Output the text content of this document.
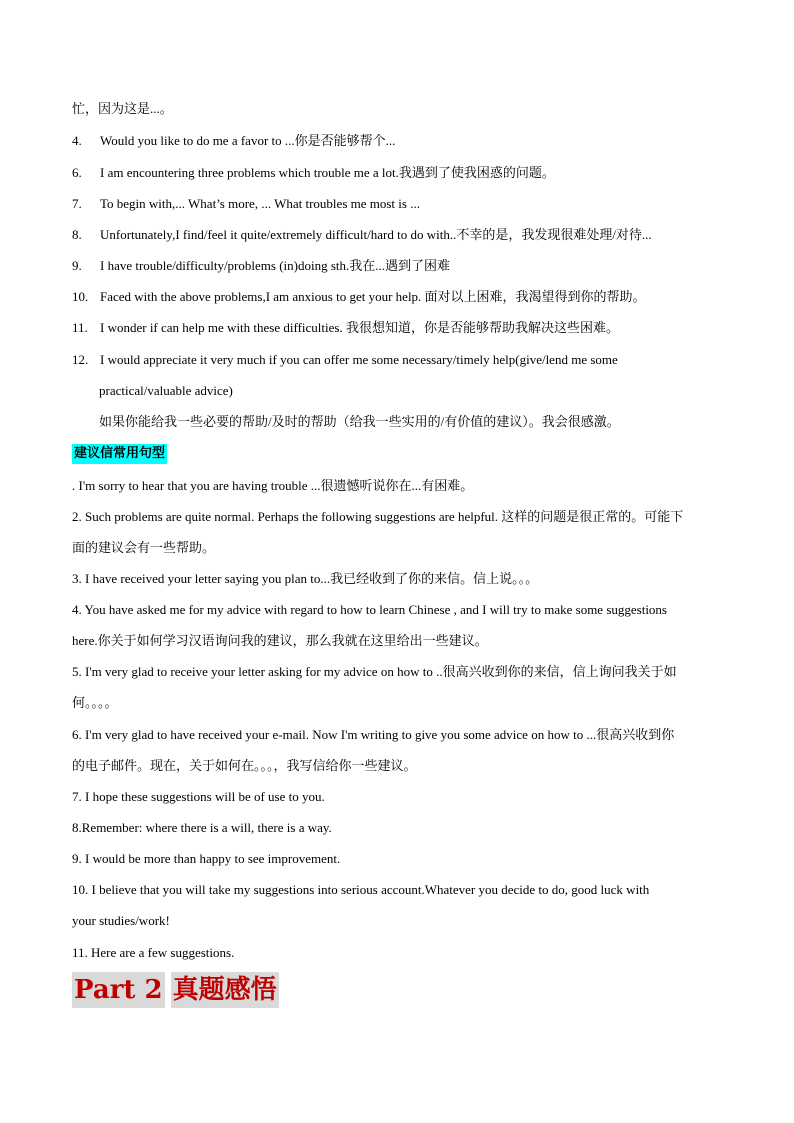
忙，因为这是...。
4. Would you like to do me a favor to ...你是否能够帮个...
6. I am encountering three problems which trouble me a lot.我遇到了使我困惑的问题。
7. To begin with,... What’s more, ... What troubles me most is ...
8. Unfortunately,I find/feel it quite/extremely difficult/hard to do with..不幸的是，我发现很难处理/对待...
9. I have trouble/difficulty/problems (in)doing sth.我在...遇到了困难
10. Faced with the above problems,I am anxious to get your help. 面对以上困难，我渴望得到你的帮助。
11. I wonder if can help me with these difficulties. 我很想知道，你是否能够帮助我解决这些困难。
12. I would appreciate it very much if you can offer me some necessary/timely help(give/lend me some
practical/valuable advice)
如果你能给我一些必要的帮助/及时的帮助（给我一些实用的/有价值的建议）。我会很感激。
建议信常用句型
. I'm sorry to hear that you are having trouble ...很遗憾听说你在...有困难。
2. Such problems are quite normal. Perhaps the following suggestions are helpful. 这样的问题是很正常的。可能下
面的建议会有一些帮助。
3. I have received your letter saying you plan to...我已经收到了你的来信。信上说。。。
4. You have asked me for my advice with regard to how to learn Chinese , and I will try to make some suggestions
here.你关于如何学习汉语询问我的建议，那么我就在这里给出一些建议。
5. I'm very glad to receive your letter asking for my advice on how to ..很高兴收到你的来信，信上询问我关于如
何。。。。
6. I'm very glad to have received your e-mail. Now I'm writing to give you some advice on how to ...很高兴收到你
的电子邮件。现在，关于如何在。。。，我写信给你一些建议。
7. I hope these suggestions will be of use to you.
8.Remember: where there is a will, there is a way.
9. I would be more than happy to see improvement.
10. I believe that you will take my suggestions into serious account.Whatever you decide to do, good luck with
your studies/work!
11. Here are a few suggestions.
Part 2 真题感悟
